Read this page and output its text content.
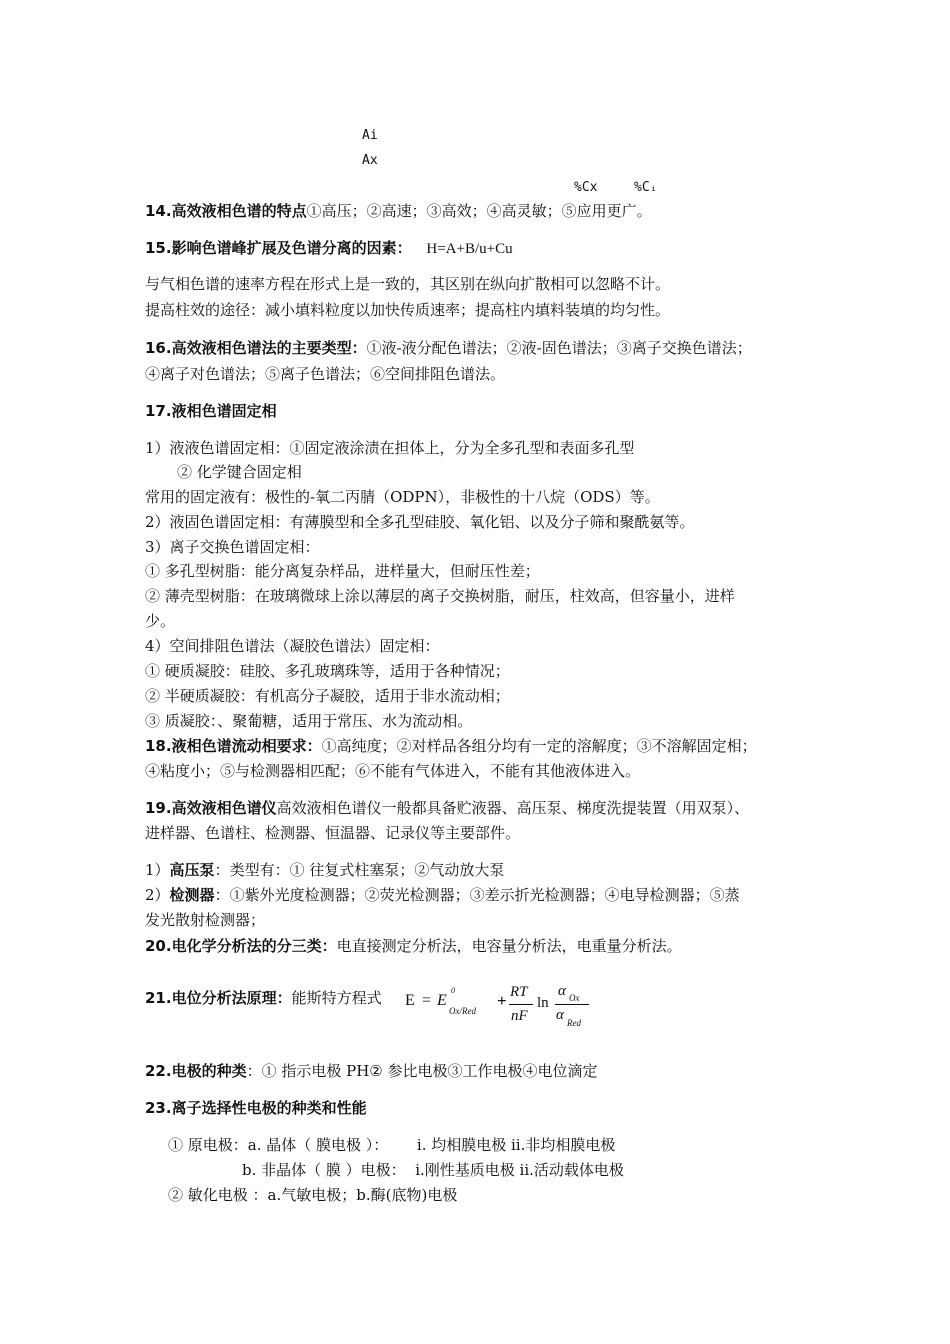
Ai
Ax
%Cx	%Cᵢ
14.高效液相色谱的特点①高压；②高速；③高效；④高灵敏；⑤应用更广。
15.影响色谱峰扩展及色谱分离的因素： H=A+B/u+Cu
与气相色谱的速率方程在形式上是一致的，其区别在纵向扩散相可以忽略不计。
提高柱效的途径：减小填料粒度以加快传质速率；提高柱内填料装填的均匀性。
16.高效液相色谱法的主要类型：①液-液分配色谱法；②液-固色谱法；③离子交换色谱法；
④离子对色谱法；⑤离子色谱法；⑥空间排阻色谱法。
17.液相色谱固定相
1）液液色谱固定相：①固定液涂渍在担体上，分为全多孔型和表面多孔型
② 化学键合固定相
常用的固定液有：极性的-氧二丙腈（ODPN），非极性的十八烷（ODS）等。
2）液固色谱固定相：有薄膜型和全多孔型硅胶、氧化铝、以及分子筛和聚酰氨等。
3）离子交换色谱固定相：
① 多孔型树脂：能分离复杂样品，进样量大，但耐压性差；
② 薄壳型树脂：在玻璃微球上涂以薄层的离子交换树脂，耐压，柱效高，但容量小，进样
少。
4）空间排阻色谱法（凝胶色谱法）固定相：
① 硬质凝胶：硅胶、多孔玻璃珠等，适用于各种情况；
② 半硬质凝胶：有机高分子凝胶，适用于非水流动相；
③ 质凝胶：、聚葡糖，适用于常压、水为流动相。
18.液相色谱流动相要求：①高纯度；②对样品各组分均有一定的溶解度；③不溶解固定相；
④粘度小；⑤与检测器相匹配；⑥不能有气体进入，不能有其他液体进入。
19.高效液相色谱仪高效液相色谱仪一般都具备贮液器、高压泵、梯度洗提装置（用双泵）、
进样器、色谱柱、检测器、恒温器、记录仪等主要部件。
1）高压泵：类型有：① 往复式柱塞泵；②气动放大泵
2）检测器：①紫外光度检测器；②荧光检测器；③差示折光检测器；④电导检测器；⑤蒸
发光散射检测器；
20.电化学分析法的分三类：电直接测定分析法，电容量分析法，电重量分析法。
21.电位分析法原理：能斯特方程式 E = E
0
Ox/Red
+ RT
nF
ln
α Ox
α Red
22.电极的种类：① 指示电极 PH② 参比电极③工作电极④电位滴定
23.离子选择性电极的种类和性能
① 原电极：a. 晶体（ 膜电极 ）：      i. 均相膜电极 ii.非均相膜电极
b. 非晶体（ 膜 ）电极：  i.刚性基质电极 ii.活动载体电极
② 敏化电极 ：a.气敏电极；b.酶(底物)电极
